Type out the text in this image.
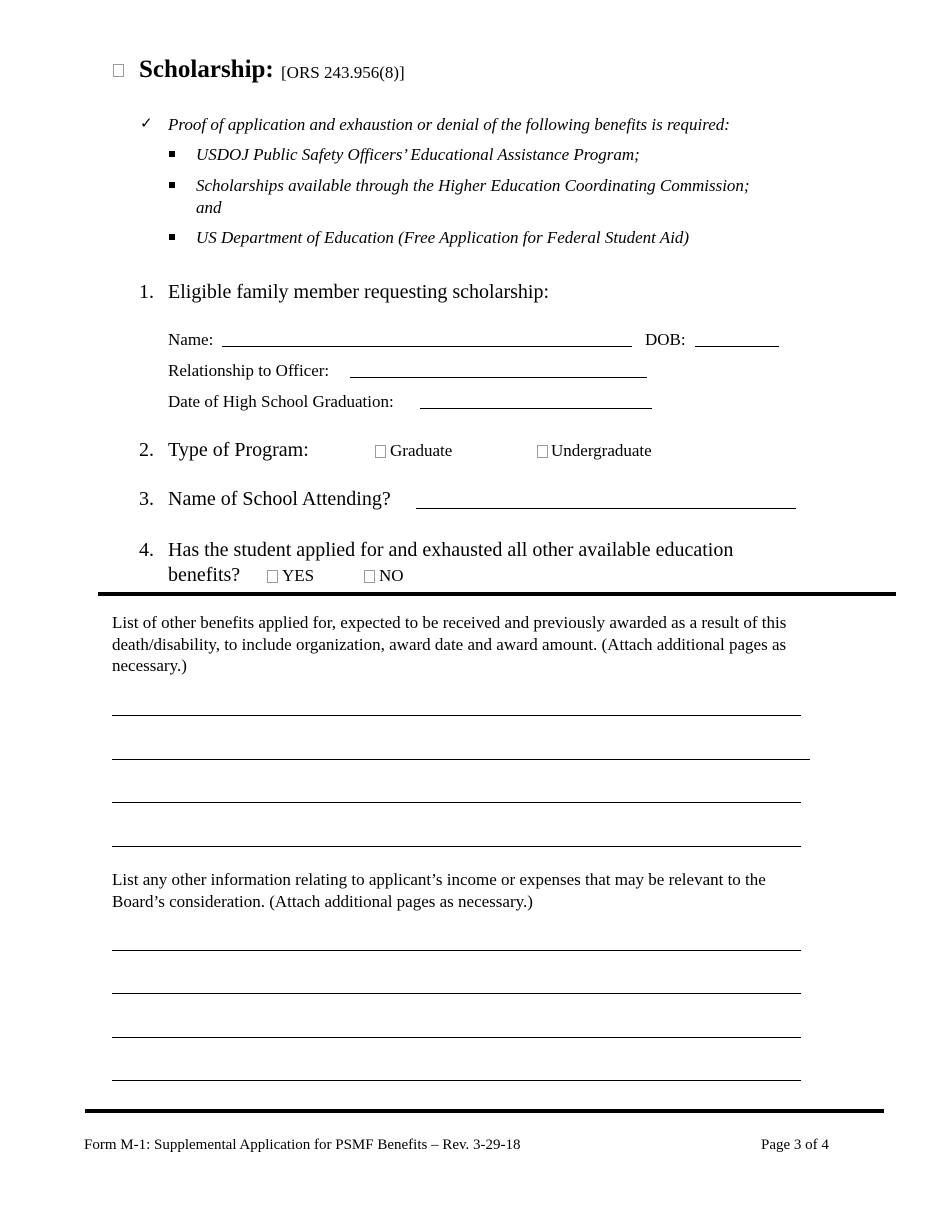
Scholarship: [ORS 243.956(8)]
✓ Proof of application and exhaustion or denial of the following benefits is required:
USDOJ Public Safety Officers’ Educational Assistance Program;
Scholarships available through the Higher Education Coordinating Commission;
and
US Department of Education (Free Application for Federal Student Aid)
1. Eligible family member requesting scholarship:
Name:	DOB:
Relationship to Officer:
Date of High School Graduation:
2. Type of Program:	Graduate	Undergraduate
3. Name of School Attending?
4. Has the student applied for and exhausted all other available education
benefits? YES	NO
List of other benefits applied for, expected to be received and previously awarded as a result of this death/disability, to include organization, award date and award amount. (Attach additional pages as necessary.)
List any other information relating to applicant’s income or expenses that may be relevant to the Board’s consideration. (Attach additional pages as necessary.)
Form M-1: Supplemental Application for PSMF Benefits – Rev. 3-29-18	Page 3 of 4
